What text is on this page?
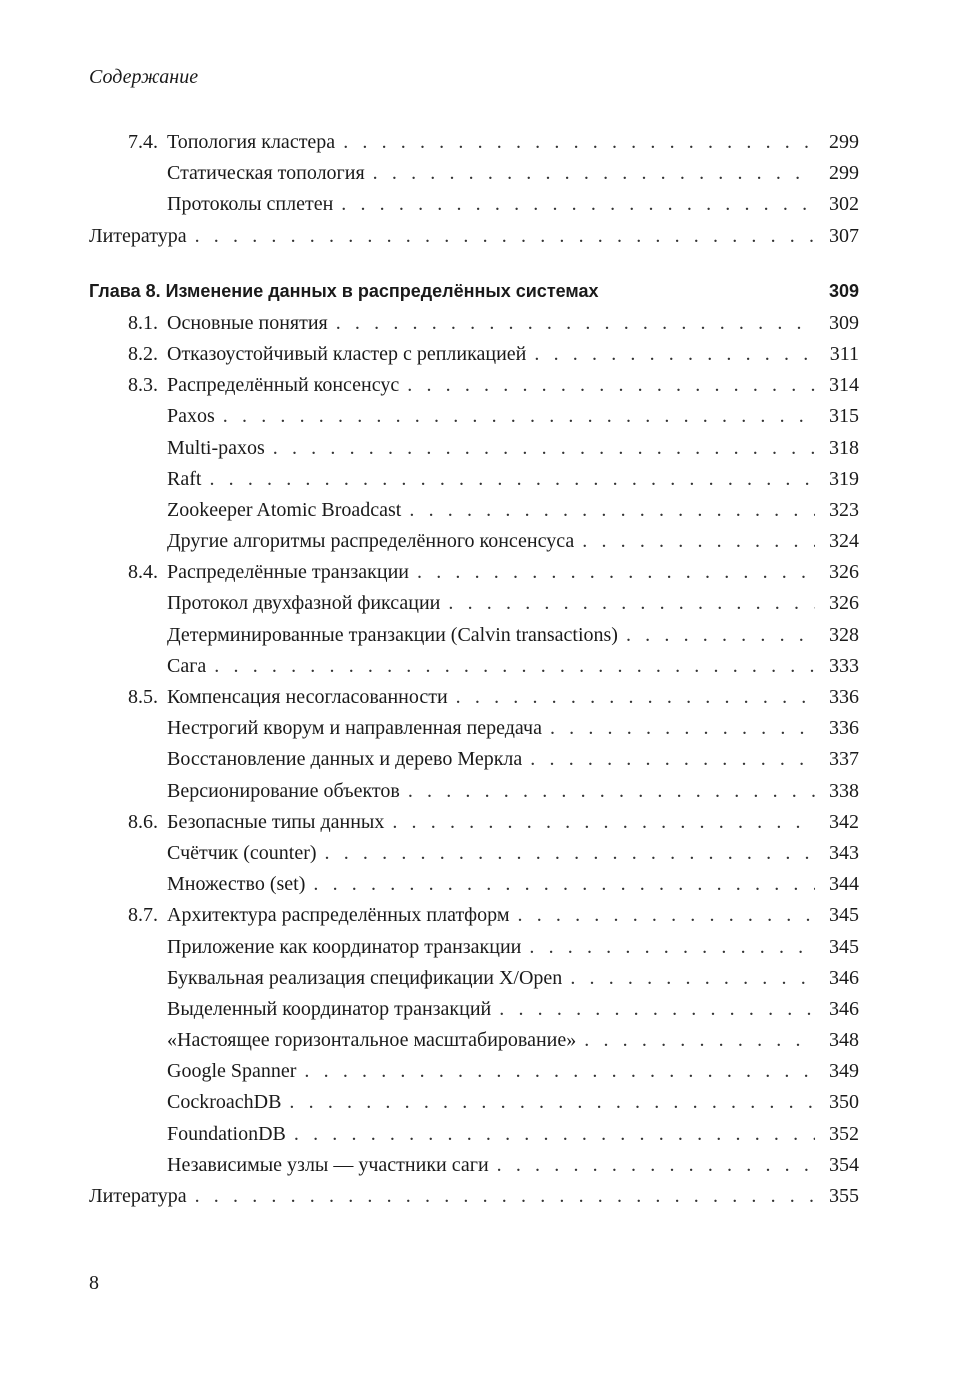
Содержание
7.4. Топология кластера . . .	299
Статическая топология . . .	299
Протоколы сплетен . . .	302
Литература . . .	307
Глава 8. Изменение данных в распределённых системах	309
8.1. Основные понятия . . .	309
8.2. Отказоустойчивый кластер с репликацией . . .	311
8.3. Распределённый консенсус . . .	314
Paxos . . .	315
Multi-paxos . . .	318
Raft . . .	319
Zookeeper Atomic Broadcast . . .	323
Другие алгоритмы распределённого консенсуса . . .	324
8.4. Распределённые транзакции . . .	326
Протокол двухфазной фиксации . . .	326
Детерминированные транзакции (Calvin transactions) . . .	328
Сага . . .	333
8.5. Компенсация несогласованности . . .	336
Нестрогий кворум и направленная передача . . .	336
Восстановление данных и дерево Меркла . . .	337
Версионирование объектов . . .	338
8.6. Безопасные типы данных . . .	342
Счётчик (counter) . . .	343
Множество (set) . . .	344
8.7. Архитектура распределённых платформ . . .	345
Приложение как координатор транзакции . . .	345
Буквальная реализация спецификации X/Open . . .	346
Выделенный координатор транзакций . . .	346
«Настоящее горизонтальное масштабирование» . . .	348
Google Spanner . . .	349
CockroachDB . . .	350
FoundationDB . . .	352
Независимые узлы — участники саги . . .	354
Литература . . .	355
8
